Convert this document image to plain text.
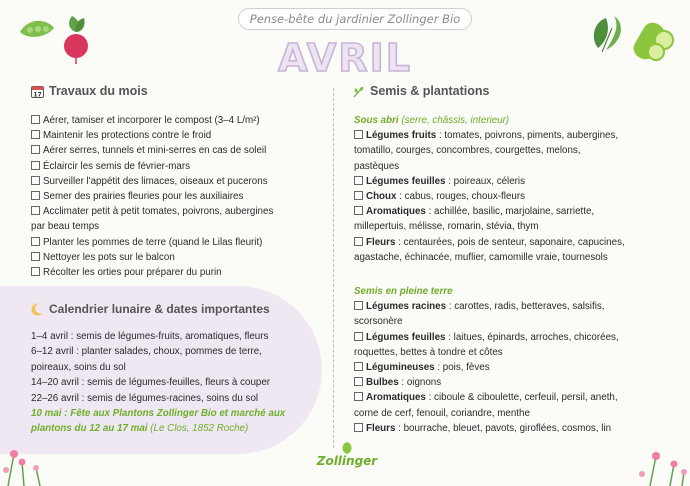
Pense-bête du jardinier Zollinger Bio
AVRIL
17 Travaux du mois
Aérer, tamiser et incorporer le compost (3–4 L/m²)
Maintenir les protections contre le froid
Aérer serres, tunnels et mini-serres en cas de soleil
Éclaircir les semis de février-mars
Surveiller l'appétit des limaces, oiseaux et pucerons
Semer des prairies fleuries pour les auxiliaires
Acclimater petit à petit tomates, poivrons, aubergines
par beau temps
Planter les pommes de terre (quand le Lilas fleurit)
Nettoyer les pots sur le balcon
Récolter les orties pour préparer du purin
Calendrier lunaire & dates importantes
1–4 avril : semis de légumes-fruits, aromatiques, fleurs
6–12 avril : planter salades, choux, pommes de terre,
poireaux, soins du sol
14–20 avril : semis de légumes-feuilles, fleurs à couper
22–26 avril : semis de légumes-racines, soins du sol
10 mai : Fête aux Plantons Zollinger Bio et marché aux
plantons du 12 au 17 mai (Le Clos, 1852 Roche)
Semis & plantations
Sous abri (serre, châssis, interieur)
Légumes fruits : tomates, poivrons, piments, aubergines,
tomatillo, courges, concombres, courgettes, melons,
pastèques
Légumes feuilles : poireaux, céleris
Choux : cabus, rouges, choux-fleurs
Aromatiques : achillée, basilic, marjolaine, sarriette,
millepertuis, mélisse, romarin, stévia, thym
Fleurs : centaurées, pois de senteur, saponaire, capucines,
agastache, échinacée, muflier, camomille vraie, tournesols
Semis en pleine terre
Légumes racines : carottes, radis, betteraves, salsifis,
scorsonère
Légumes feuilles : laitues, épinards, arroches, chicorées,
roquettes, bettes à tondre et côtes
Légumineuses : pois, fèves
Bulbes : oignons
Aromatiques : ciboule & ciboulette, cerfeuil, persil, aneth,
corne de cerf, fenouil, coriandre, menthe
Fleurs : bourrache, bleuet, pavots, giroflées, cosmos, lin
Zollinger
